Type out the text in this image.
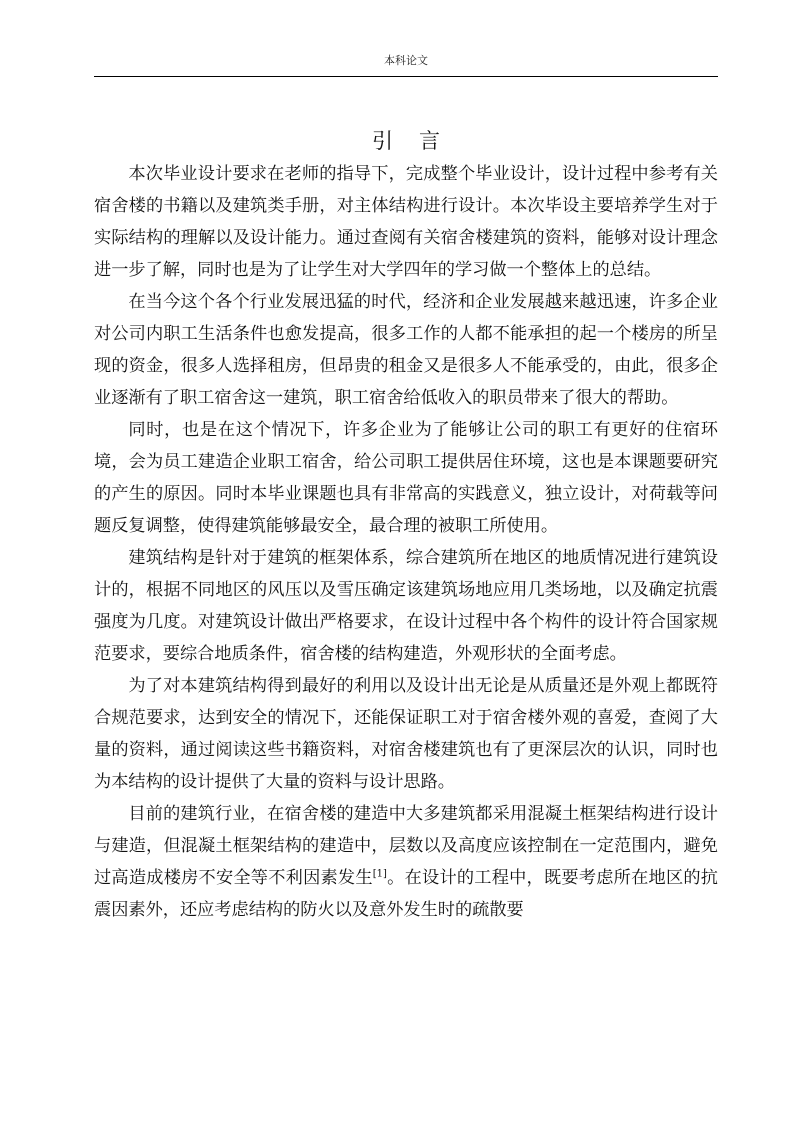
本科论文
引言

本次毕业设计要求在老师的指导下，完成整个毕业设计，设计过程中参考有关宿舍楼的书籍以及建筑类手册，对主体结构进行设计。本次毕设主要培养学生对于实际结构的理解以及设计能力。通过查阅有关宿舍楼建筑的资料，能够对设计理念进一步了解，同时也是为了让学生对大学四年的学习做一个整体上的总结。

在当今这个各个行业发展迅猛的时代，经济和企业发展越来越迅速，许多企业对公司内职工生活条件也愈发提高，很多工作的人都不能承担的起一个楼房的所呈现的资金，很多人选择租房，但昂贵的租金又是很多人不能承受的，由此，很多企业逐渐有了职工宿舍这一建筑，职工宿舍给低收入的职员带来了很大的帮助。

同时，也是在这个情况下，许多企业为了能够让公司的职工有更好的住宿环境，会为员工建造企业职工宿舍，给公司职工提供居住环境，这也是本课题要研究的产生的原因。同时本毕业课题也具有非常高的实践意义，独立设计，对荷载等问题反复调整，使得建筑能够最安全，最合理的被职工所使用。

建筑结构是针对于建筑的框架体系，综合建筑所在地区的地质情况进行建筑设计的，根据不同地区的风压以及雪压确定该建筑场地应用几类场地，以及确定抗震强度为几度。对建筑设计做出严格要求，在设计过程中各个构件的设计符合国家规范要求，要综合地质条件，宿舍楼的结构建造，外观形状的全面考虑。

为了对本建筑结构得到最好的利用以及设计出无论是从质量还是外观上都既符合规范要求，达到安全的情况下，还能保证职工对于宿舍楼外观的喜爱，查阅了大量的资料，通过阅读这些书籍资料，对宿舍楼建筑也有了更深层次的认识，同时也为本结构的设计提供了大量的资料与设计思路。

目前的建筑行业，在宿舍楼的建造中大多建筑都采用混凝土框架结构进行设计与建造，但混凝土框架结构的建造中，层数以及高度应该控制在一定范围内，避免过高造成楼房不安全等不利因素发生[1]。在设计的工程中，既要考虑所在地区的抗震因素外，还应考虑结构的防火以及意外发生时的疏散要
